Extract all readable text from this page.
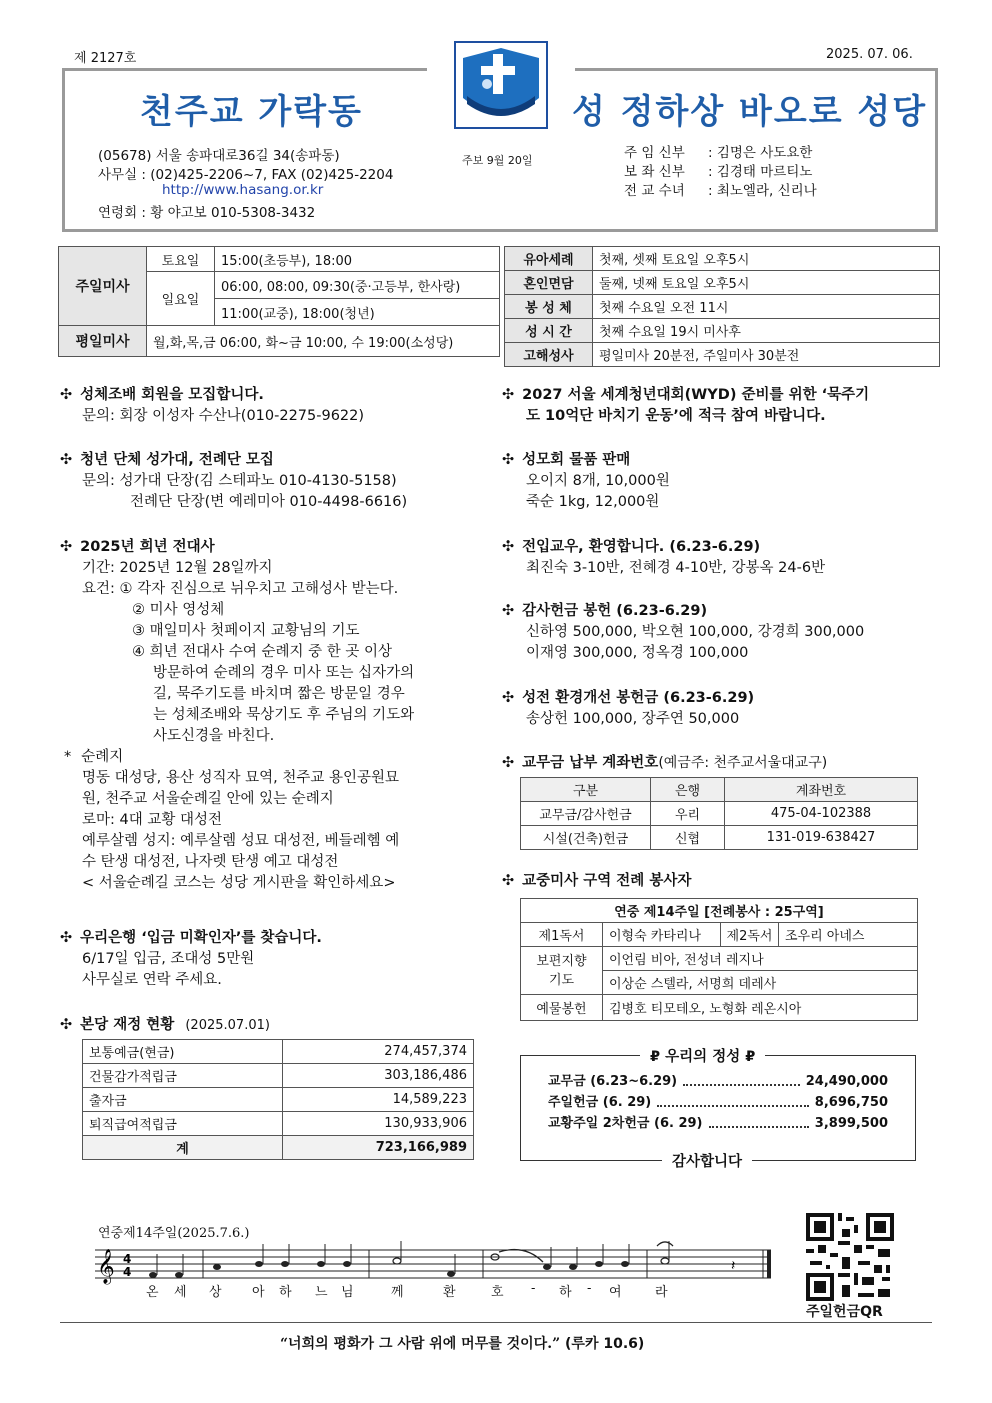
제 2127호	2025. 07. 06.
천주교 가락동	성 정하상 바오로 성당
(05678) 서울 송파대로36길 34(송파동)
사무실 : (02)425-2206~7, FAX (02)425-2204
http://www.hasang.or.kr
연령회 : 황 야고보 010-5308-3432
주보 9월 20일	주 임 신부 : 김명은 사도요한
보 좌 신부 : 김경태 마르티노
전 교 수녀 : 최노엘라, 신리나
주일미사	토요일	15:00(초등부), 18:00
	일요일	06:00, 08:00, 09:30(중·고등부, 한사랑)
		11:00(교중), 18:00(청년)
평일미사	월,화,목,금 06:00, 화~금 10:00, 수 19:00(소성당)	
유아세례	첫째, 셋째 토요일 오후5시
혼인면담	둘째, 넷째 토요일 오후5시
봉 성 체	첫째 수요일 오전 11시
성 시 간	첫째 수요일 19시 미사후
고해성사	평일미사 20분전, 주일미사 30분전
✣ 성체조배 회원을 모집합니다.
문의: 회장 이성자 수산나(010-2275-9622)
✣ 청년 단체 성가대, 전례단 모집
문의: 성가대 단장(김 스테파노 010-4130-5158)
전례단 단장(변 예레미아 010-4498-6616)
✣ 2025년 희년 전대사
기간: 2025년 12월 28일까지
요건: ① 각자 진심으로 뉘우치고 고해성사 받는다.
② 미사 영성체
③ 매일미사 첫페이지 교황님의 기도
④ 희년 전대사 수여 순례지 중 한 곳 이상
방문하여 순례의 경우 미사 또는 십자가의
길, 묵주기도를 바치며 짧은 방문일 경우
는 성체조배와 묵상기도 후 주님의 기도와
사도신경을 바친다.
* 순례지
명동 대성당, 용산 성직자 묘역, 천주교 용인공원묘
원, 천주교 서울순례길 안에 있는 순례지
로마: 4대 교황 대성전
예루살렘 성지: 예루살렘 성묘 대성전, 베들레헴 예
수 탄생 대성전, 나자렛 탄생 예고 대성전
< 서울순례길 코스는 성당 게시판을 확인하세요>
✣ 우리은행 ‘입금 미확인자’를 찾습니다.
6/17일 입금, 조대성 5만원
사무실로 연락 주세요.
✣ 본당 재정 현황 (2025.07.01)
보통예금(현금)	274,457,374
건물감가적립금	303,186,486
출자금	14,589,223
퇴직급여적립금	130,933,906
계	723,166,989
✣ 2027 서울 세계청년대회(WYD) 준비를 위한 ‘묵주기
도 10억단 바치기 운동’에 적극 참여 바랍니다.
✣ 성모회 물품 판매
오이지 8개, 10,000원
죽순 1kg, 12,000원
✣ 전입교우, 환영합니다. (6.23-6.29)
최진숙 3-10반, 전혜경 4-10반, 강봉옥 24-6반
✣ 감사헌금 봉헌 (6.23-6.29)
신하영 500,000, 박오현 100,000, 강경희 300,000
이재영 300,000, 정옥경 100,000
✣ 성전 환경개선 봉헌금 (6.23-6.29)
송상헌 100,000, 장주연 50,000
✣ 교무금 납부 계좌번호(예금주: 천주교서울대교구)
구분	은행	계좌번호
교무금/감사헌금	우리	475-04-102388
시설(건축)헌금	신협	131-019-638427
✣ 교중미사 구역 전례 봉사자
연중 제14주일 [전례봉사 : 25구역]			
제1독서	이형숙 카타리나	제2독서	조우리 아네스
보편지향
기도	이언림 비아, 전성녀 레지나		
	이상순 스텔라, 서명희 데레사		
예물봉헌	김병호 티모테오, 노형화 레온시아		
₽ 우리의 정성 ₽
교무금 (6.23~6.29)	24,490,000
주일헌금 (6. 29)	8,696,750
교황주일 2차헌금 (6. 29)	3,899,500
감사합니다
연중제14주일(2025.7.6.)
𝄞 4
4	𝄽
온 세 상 아 하 느 님	께	환	호 - 하 - 여	라
주일헌금QR
“너희의 평화가 그 사람 위에 머무를 것이다.” (루카 10.6)
